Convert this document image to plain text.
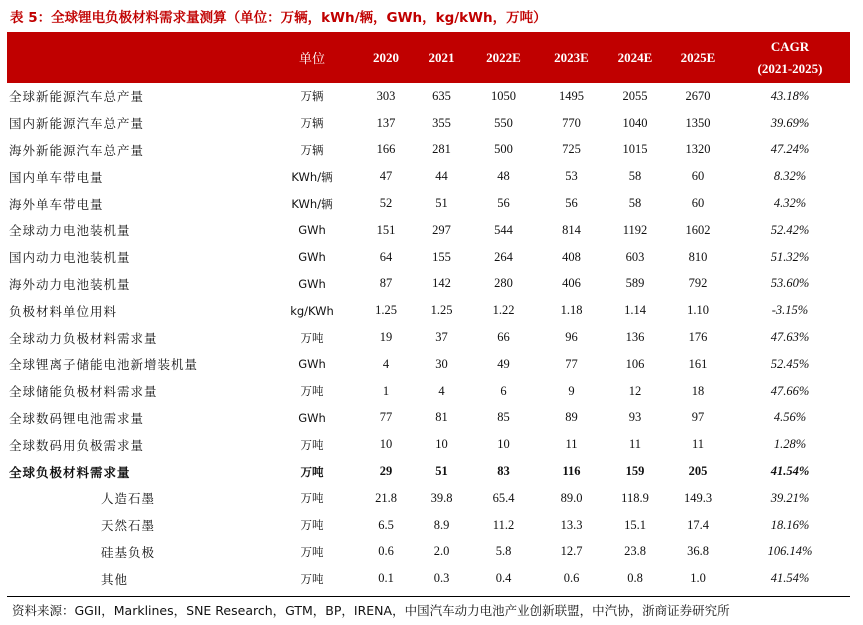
表 5：全球锂电负极材料需求量测算（单位：万辆，kWh/辆，GWh，kg/kWh，万吨）
	单位	2020	2021	2022E	2023E	2024E	2025E	CAGR
(2021-2025)

全球新能源汽车总产量	万辆	303	635	1050	1495	2055	2670	43.18%
国内新能源汽车总产量	万辆	137	355	550	770	1040	1350	39.69%
海外新能源汽车总产量	万辆	166	281	500	725	1015	1320	47.24%
国内单车带电量	KWh/辆	47	44	48	53	58	60	8.32%
海外单车带电量	KWh/辆	52	51	56	56	58	60	4.32%
全球动力电池装机量	GWh	151	297	544	814	1192	1602	52.42%
国内动力电池装机量	GWh	64	155	264	408	603	810	51.32%
海外动力电池装机量	GWh	87	142	280	406	589	792	53.60%
负极材料单位用料	kg/KWh	1.25	1.25	1.22	1.18	1.14	1.10	-3.15%
全球动力负极材料需求量	万吨	19	37	66	96	136	176	47.63%
全球锂离子储能电池新增装机量	GWh	4	30	49	77	106	161	52.45%
全球储能负极材料需求量	万吨	1	4	6	9	12	18	47.66%
全球数码锂电池需求量	GWh	77	81	85	89	93	97	4.56%
全球数码用负极需求量	万吨	10	10	10	11	11	11	1.28%
全球负极材料需求量	万吨	29	51	83	116	159	205	41.54%
人造石墨	万吨	21.8	39.8	65.4	89.0	118.9	149.3	39.21%
天然石墨	万吨	6.5	8.9	11.2	13.3	15.1	17.4	18.16%
硅基负极	万吨	0.6	2.0	5.8	12.7	23.8	36.8	106.14%
其他	万吨	0.1	0.3	0.4	0.6	0.8	1.0	41.54%
资料来源：GGII，Marklines，SNE Research，GTM，BP，IRENA，中国汽车动力电池产业创新联盟，中汽协，浙商证券研究所
